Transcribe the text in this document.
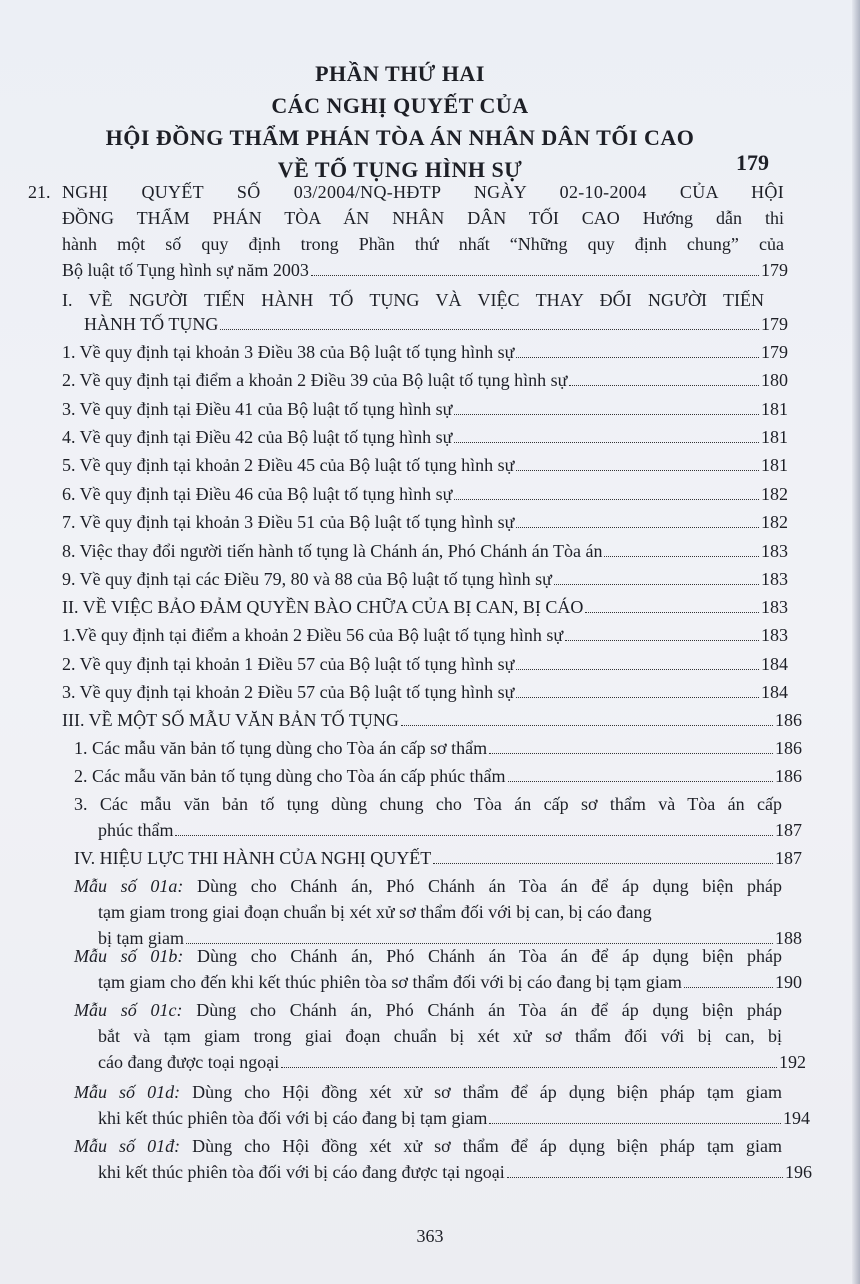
PHẦN THỨ HAI
CÁC NGHỊ QUYẾT CỦA
HỘI ĐỒNG THẨM PHÁN TÒA ÁN NHÂN DÂN TỐI CAO
VỀ TỐ TỤNG HÌNH SỰ	179
21. NGHỊ QUYẾT SỐ 03/2004/NQ-HĐTP NGÀY 02-10-2004 CỦA HỘI
ĐỒNG THẨM PHÁN TÒA ÁN NHÂN DÂN TỐI CAO Hướng dẫn thi
hành một số quy định trong Phần thứ nhất “Những quy định chung” của
Bộ luật tố Tụng hình sự năm 2003	179
I. VỀ NGƯỜI TIẾN HÀNH TỐ TỤNG VÀ VIỆC THAY ĐỔI NGƯỜI TIẾN
HÀNH TỐ TỤNG	179
1. Về quy định tại khoản 3 Điều 38 của Bộ luật tố tụng hình sự	179
2. Về quy định tại điểm a khoản 2 Điều 39 của Bộ luật tố tụng hình sự	180
3. Về quy định tại Điều 41 của Bộ luật tố tụng hình sự	181
4. Về quy định tại Điều 42 của Bộ luật tố tụng hình sự	181
5. Về quy định tại khoản 2 Điều 45 của Bộ luật tố tụng hình sự	181
6. Về quy định tại Điều 46 của Bộ luật tố tụng hình sự	182
7. Về quy định tại khoản 3 Điều 51 của Bộ luật tố tụng hình sự	182
8. Việc thay đổi người tiến hành tố tụng là Chánh án, Phó Chánh án Tòa án	183
9. Về quy định tại các Điều 79, 80 và 88 của Bộ luật tố tụng hình sự	183
II. VỀ VIỆC BẢO ĐẢM QUYỀN BÀO CHỮA CỦA BỊ CAN, BỊ CÁO	183
1.Về quy định tại điểm a khoản 2 Điều 56 của Bộ luật tố tụng hình sự	183
2. Về quy định tại khoản 1 Điều 57 của Bộ luật tố tụng hình sự	184
3. Về quy định tại khoản 2 Điều 57 của Bộ luật tố tụng hình sự	184
III. VỀ MỘT SỐ MẪU VĂN BẢN TỐ TỤNG	186
1. Các mẫu văn bản tố tụng dùng cho Tòa án cấp sơ thẩm	186
2. Các mẫu văn bản tố tụng dùng cho Tòa án cấp phúc thẩm	186
3. Các mẫu văn bản tố tụng dùng chung cho Tòa án cấp sơ thẩm và Tòa án cấp
phúc thẩm	187
IV. HIỆU LỰC THI HÀNH CỦA NGHỊ QUYẾT	187
Mẫu số 01a: Dùng cho Chánh án, Phó Chánh án Tòa án để áp dụng biện pháp
tạm giam trong giai đoạn chuẩn bị xét xử sơ thẩm đối với bị can, bị cáo đang
bị tạm giam	188
Mẫu số 01b: Dùng cho Chánh án, Phó Chánh án Tòa án để áp dụng biện pháp
tạm giam cho đến khi kết thúc phiên tòa sơ thẩm đối với bị cáo đang bị tạm giam	190
Mẫu số 01c: Dùng cho Chánh án, Phó Chánh án Tòa án để áp dụng biện pháp
bắt và tạm giam trong giai đoạn chuẩn bị xét xử sơ thẩm đối với bị can, bị
cáo đang được toại ngoại	192
Mẫu số 01d: Dùng cho Hội đồng xét xử sơ thẩm để áp dụng biện pháp tạm giam
khi kết thúc phiên tòa đối với bị cáo đang bị tạm giam	194
Mẫu số 01đ: Dùng cho Hội đồng xét xử sơ thẩm để áp dụng biện pháp tạm giam
khi kết thúc phiên tòa đối với bị cáo đang được tại ngoại	196
363
